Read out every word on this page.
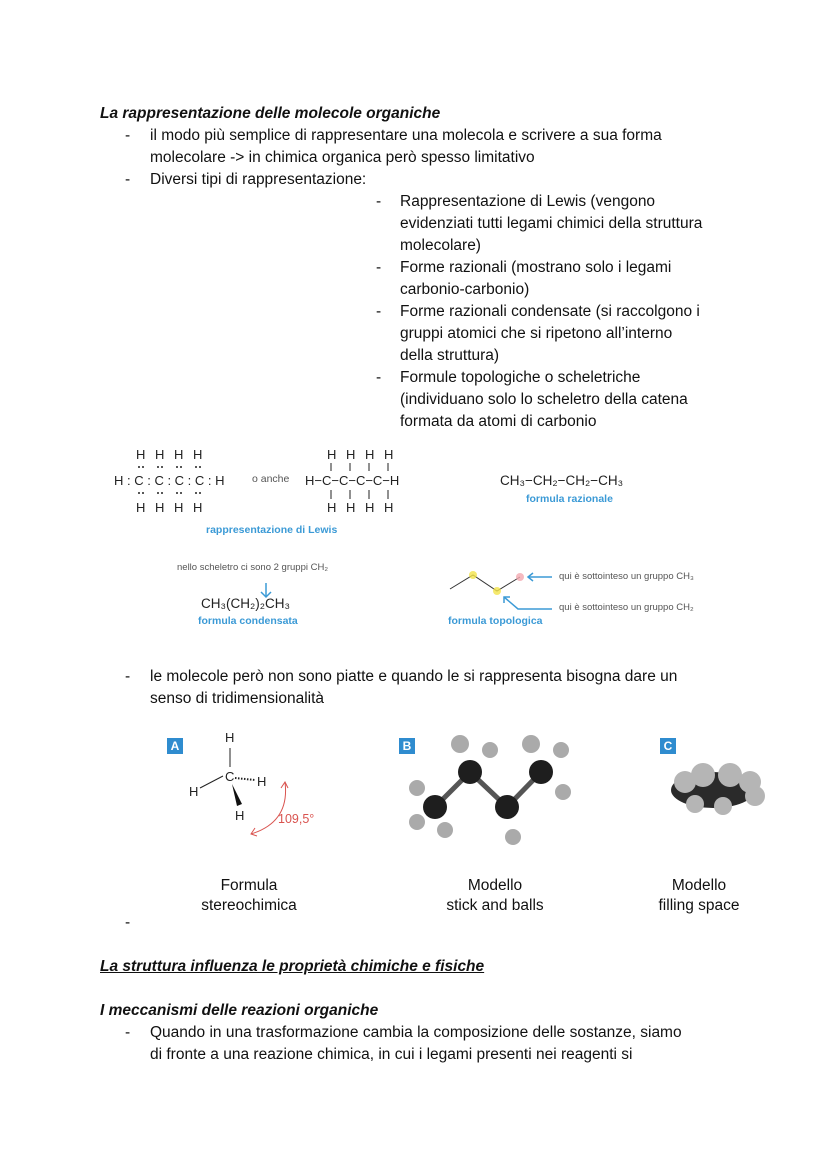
La rappresentazione delle molecole organiche
- il modo più semplice di rappresentare una molecola e scrivere a sua forma
molecolare -> in chimica organica però spesso limitativo
- Diversi tipi di rappresentazione:
- Rappresentazione di Lewis (vengono
evidenziati tutti legami chimici della struttura
molecolare)
- Forme razionali (mostrano solo i legami
carbonio-carbonio)
- Forme razionali condensate (si raccolgono i
gruppi atomici che si ripetono all’interno
della struttura)
- Formule topologiche o scheletriche
(individuano solo lo scheletro della catena
formata da atomi di carbonio
H H H H
H : C : C : C : C : H
H H H H
H H H H
H−C−C−C−C−H
H H H H
o anche
rappresentazione di Lewis
CH₃−CH₂−CH₂−CH₃
formula razionale
nello scheletro ci sono 2 gruppi CH₂
CH₃(CH₂)₂CH₃
formula condensata	formula topologica
qui è sottointeso un gruppo CH₃
qui è sottointeso un gruppo CH₂
- le molecole però non sono piatte e quando le si rappresenta bisogna dare un
senso di tridimensionalità
A	B	C
H
C
H
H
H	109,5°
Formula
stereochimica
Modello
stick and balls
Modello
filling space
-
La struttura influenza le proprietà chimiche e fisiche
I meccanismi delle reazioni organiche
- Quando in una trasformazione cambia la composizione delle sostanze, siamo
di fronte a una reazione chimica, in cui i legami presenti nei reagenti si
